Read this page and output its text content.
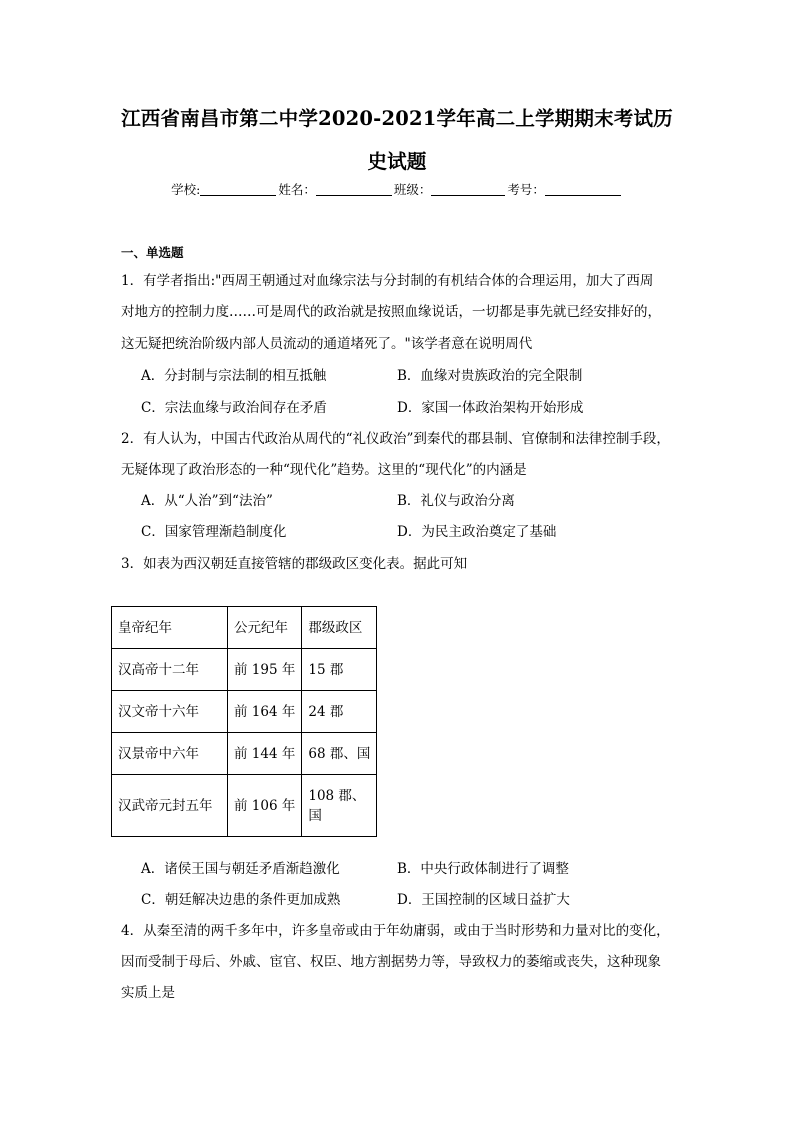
江西省南昌市第二中学2020-2021学年高二上学期期末考试历
史试题
学校:	姓名：	班级：	考号：
一、单选题
1．有学者指出:"西周王朝通过对血缘宗法与分封制的有机结合体的合理运用，加大了西周
对地方的控制力度……可是周代的政治就是按照血缘说话，一切都是事先就已经安排好的，
这无疑把统治阶级内部人员流动的通道堵死了。"该学者意在说明周代
A．分封制与宗法制的相互抵触	B．血缘对贵族政治的完全限制
C．宗法血缘与政治间存在矛盾	D．家国一体政治架构开始形成
2．有人认为，中国古代政治从周代的“礼仪政治”到秦代的郡县制、官僚制和法律控制手段，
无疑体现了政治形态的一种“现代化”趋势。这里的“现代化”的内涵是
A．从“人治”到“法治”	B．礼仪与政治分离
C．国家管理渐趋制度化	D．为民主政治奠定了基础
3．如表为西汉朝廷直接管辖的郡级政区变化表。据此可知
皇帝纪年	公元纪年	郡级政区
汉高帝十二年	前 195 年	15 郡
汉文帝十六年	前 164 年	24 郡
汉景帝中六年	前 144 年	68 郡、国
汉武帝元封五年	前 106 年	108 郡、国
A．诸侯王国与朝廷矛盾渐趋激化	B．中央行政体制进行了调整
C．朝廷解决边患的条件更加成熟	D．王国控制的区域日益扩大
4．从秦至清的两千多年中，许多皇帝或由于年幼庸弱，或由于当时形势和力量对比的变化，
因而受制于母后、外戚、宦官、权臣、地方割据势力等，导致权力的萎缩或丧失，这种现象
实质上是
